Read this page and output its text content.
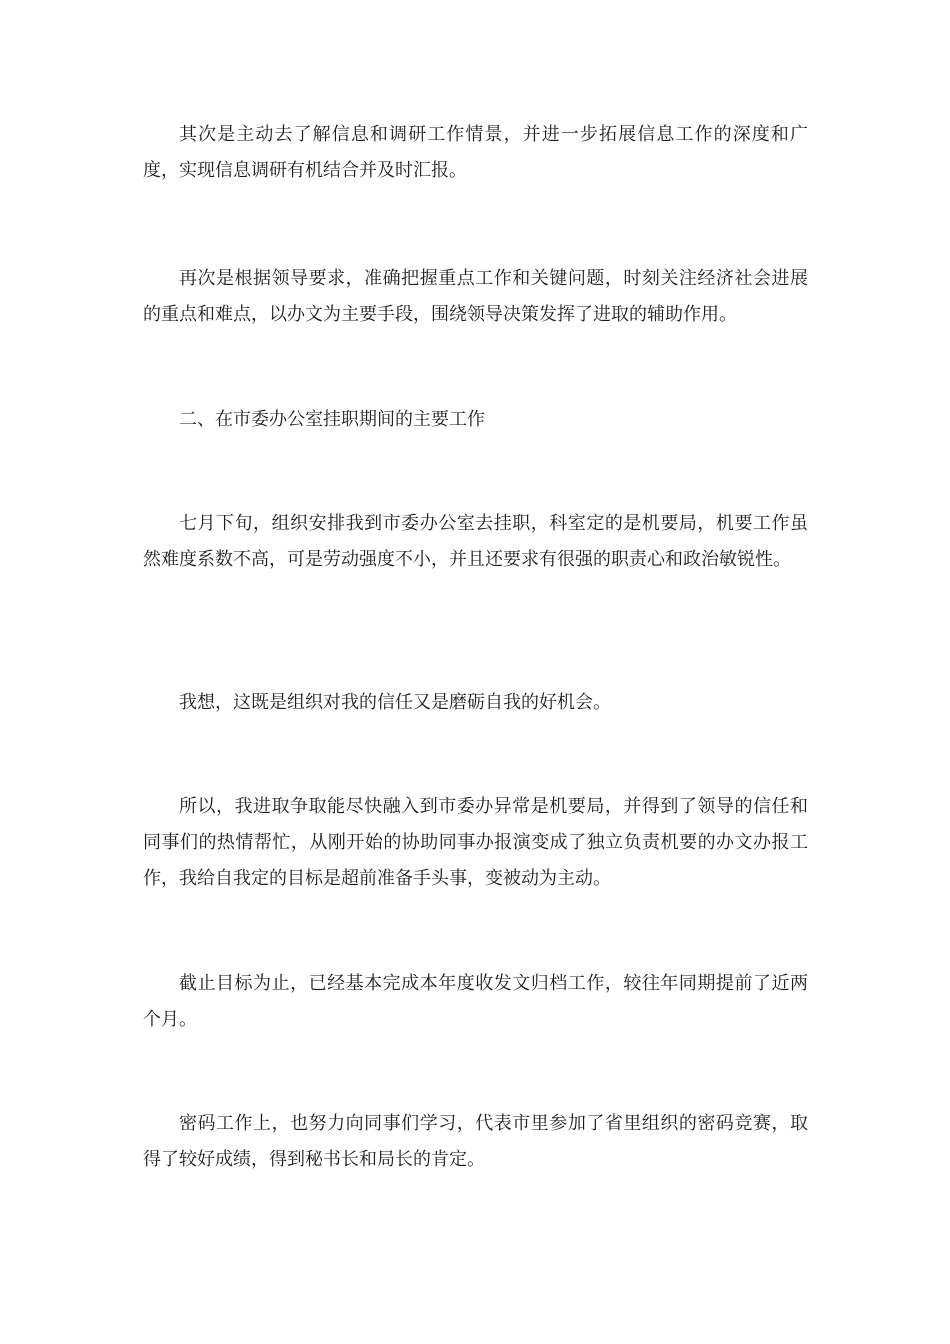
其次是主动去了解信息和调研工作情景，并进一步拓展信息工作的深度和广度，实现信息调研有机结合并及时汇报。

再次是根据领导要求，准确把握重点工作和关键问题，时刻关注经济社会进展的重点和难点，以办文为主要手段，围绕领导决策发挥了进取的辅助作用。

二、在市委办公室挂职期间的主要工作

七月下旬，组织安排我到市委办公室去挂职，科室定的是机要局，机要工作虽然难度系数不高，可是劳动强度不小，并且还要求有很强的职责心和政治敏锐性。

我想，这既是组织对我的信任又是磨砺自我的好机会。

所以，我进取争取能尽快融入到市委办异常是机要局，并得到了领导的信任和同事们的热情帮忙，从刚开始的协助同事办报演变成了独立负责机要的办文办报工作，我给自我定的目标是超前准备手头事，变被动为主动。

截止目标为止，已经基本完成本年度收发文归档工作，较往年同期提前了近两个月。

密码工作上，也努力向同事们学习，代表市里参加了省里组织的密码竞赛，取得了较好成绩，得到秘书长和局长的肯定。
